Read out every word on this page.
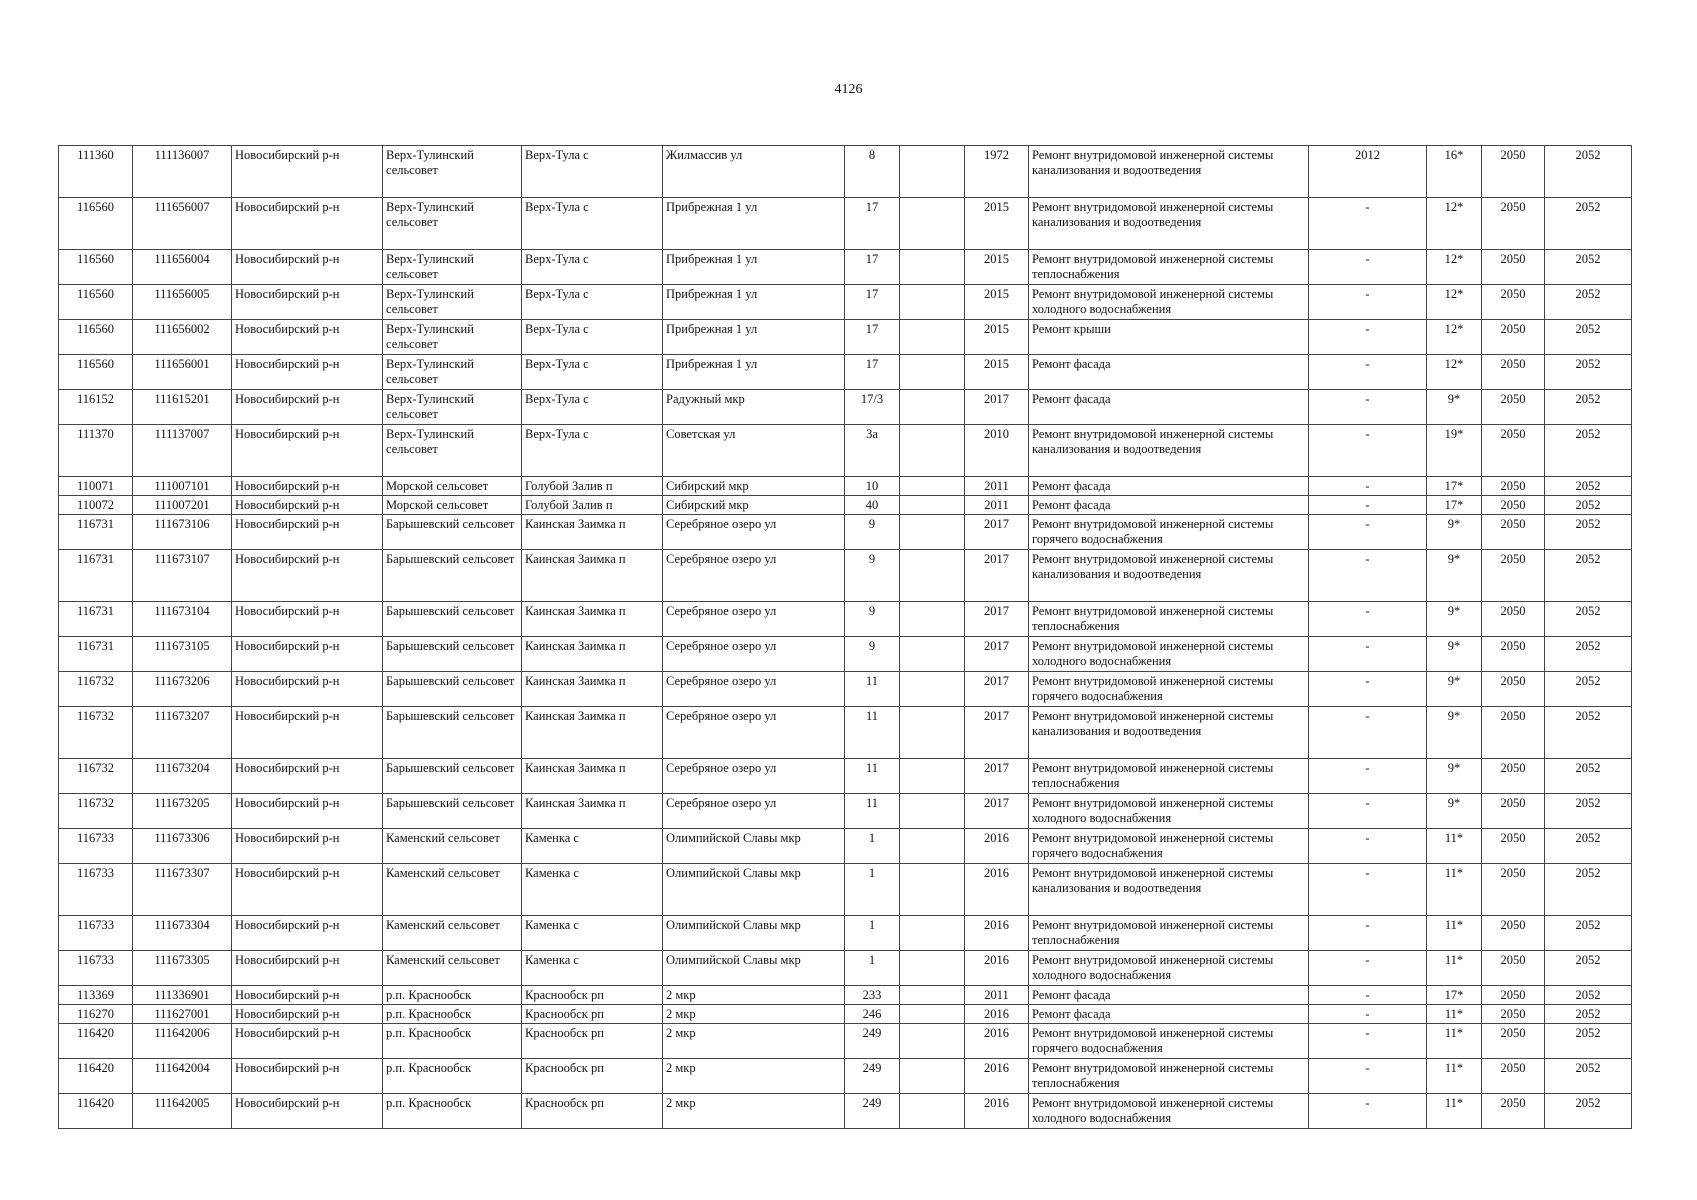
4126
111360	111136007	Новосибирский р-н	Верх-Тулинский сельсовет	Верх-Тула с	Жилмассив ул	8		1972	Ремонт внутридомовой инженерной системы канализования и водоотведения	2012	16*	2050	2052
116560	111656007	Новосибирский р-н	Верх-Тулинский сельсовет	Верх-Тула с	Прибрежная 1 ул	17		2015	Ремонт внутридомовой инженерной системы канализования и водоотведения	-	12*	2050	2052
116560	111656004	Новосибирский р-н	Верх-Тулинский сельсовет	Верх-Тула с	Прибрежная 1 ул	17		2015	Ремонт внутридомовой инженерной системы теплоснабжения	-	12*	2050	2052
116560	111656005	Новосибирский р-н	Верх-Тулинский сельсовет	Верх-Тула с	Прибрежная 1 ул	17		2015	Ремонт внутридомовой инженерной системы холодного водоснабжения	-	12*	2050	2052
116560	111656002	Новосибирский р-н	Верх-Тулинский сельсовет	Верх-Тула с	Прибрежная 1 ул	17		2015	Ремонт крыши	-	12*	2050	2052
116560	111656001	Новосибирский р-н	Верх-Тулинский сельсовет	Верх-Тула с	Прибрежная 1 ул	17		2015	Ремонт фасада	-	12*	2050	2052
116152	111615201	Новосибирский р-н	Верх-Тулинский сельсовет	Верх-Тула с	Радужный мкр	17/3		2017	Ремонт фасада	-	9*	2050	2052
111370	111137007	Новосибирский р-н	Верх-Тулинский сельсовет	Верх-Тула с	Советская ул	3а		2010	Ремонт внутридомовой инженерной системы канализования и водоотведения	-	19*	2050	2052
110071	111007101	Новосибирский р-н	Морской сельсовет	Голубой Залив п	Сибирский мкр	10		2011	Ремонт фасада	-	17*	2050	2052
110072	111007201	Новосибирский р-н	Морской сельсовет	Голубой Залив п	Сибирский мкр	40		2011	Ремонт фасада	-	17*	2050	2052
116731	111673106	Новосибирский р-н	Барышевский сельсовет	Каинская Заимка п	Серебряное озеро ул	9		2017	Ремонт внутридомовой инженерной системы горячего водоснабжения	-	9*	2050	2052
116731	111673107	Новосибирский р-н	Барышевский сельсовет	Каинская Заимка п	Серебряное озеро ул	9		2017	Ремонт внутридомовой инженерной системы канализования и водоотведения	-	9*	2050	2052
116731	111673104	Новосибирский р-н	Барышевский сельсовет	Каинская Заимка п	Серебряное озеро ул	9		2017	Ремонт внутридомовой инженерной системы теплоснабжения	-	9*	2050	2052
116731	111673105	Новосибирский р-н	Барышевский сельсовет	Каинская Заимка п	Серебряное озеро ул	9		2017	Ремонт внутридомовой инженерной системы холодного водоснабжения	-	9*	2050	2052
116732	111673206	Новосибирский р-н	Барышевский сельсовет	Каинская Заимка п	Серебряное озеро ул	11		2017	Ремонт внутридомовой инженерной системы горячего водоснабжения	-	9*	2050	2052
116732	111673207	Новосибирский р-н	Барышевский сельсовет	Каинская Заимка п	Серебряное озеро ул	11		2017	Ремонт внутридомовой инженерной системы канализования и водоотведения	-	9*	2050	2052
116732	111673204	Новосибирский р-н	Барышевский сельсовет	Каинская Заимка п	Серебряное озеро ул	11		2017	Ремонт внутридомовой инженерной системы теплоснабжения	-	9*	2050	2052
116732	111673205	Новосибирский р-н	Барышевский сельсовет	Каинская Заимка п	Серебряное озеро ул	11		2017	Ремонт внутридомовой инженерной системы холодного водоснабжения	-	9*	2050	2052
116733	111673306	Новосибирский р-н	Каменский сельсовет	Каменка с	Олимпийской Славы мкр	1		2016	Ремонт внутридомовой инженерной системы горячего водоснабжения	-	11*	2050	2052
116733	111673307	Новосибирский р-н	Каменский сельсовет	Каменка с	Олимпийской Славы мкр	1		2016	Ремонт внутридомовой инженерной системы канализования и водоотведения	-	11*	2050	2052
116733	111673304	Новосибирский р-н	Каменский сельсовет	Каменка с	Олимпийской Славы мкр	1		2016	Ремонт внутридомовой инженерной системы теплоснабжения	-	11*	2050	2052
116733	111673305	Новосибирский р-н	Каменский сельсовет	Каменка с	Олимпийской Славы мкр	1		2016	Ремонт внутридомовой инженерной системы холодного водоснабжения	-	11*	2050	2052
113369	111336901	Новосибирский р-н	р.п. Краснообск	Краснообск рп	2 мкр	233		2011	Ремонт фасада	-	17*	2050	2052
116270	111627001	Новосибирский р-н	р.п. Краснообск	Краснообск рп	2 мкр	246		2016	Ремонт фасада	-	11*	2050	2052
116420	111642006	Новосибирский р-н	р.п. Краснообск	Краснообск рп	2 мкр	249		2016	Ремонт внутридомовой инженерной системы горячего водоснабжения	-	11*	2050	2052
116420	111642004	Новосибирский р-н	р.п. Краснообск	Краснообск рп	2 мкр	249		2016	Ремонт внутридомовой инженерной системы теплоснабжения	-	11*	2050	2052
116420	111642005	Новосибирский р-н	р.п. Краснообск	Краснообск рп	2 мкр	249		2016	Ремонт внутридомовой инженерной системы холодного водоснабжения	-	11*	2050	2052
